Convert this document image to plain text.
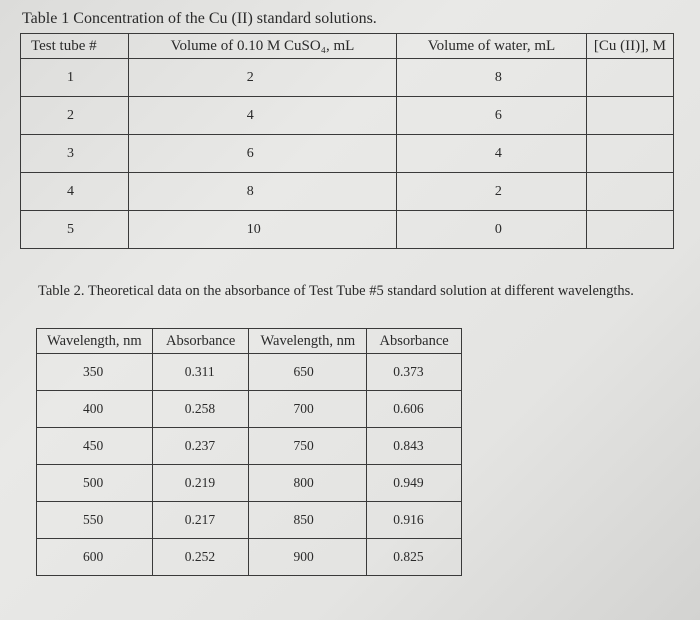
Table 1 Concentration of the Cu (II) standard solutions.
Test tube #	Volume of 0.10 M CuSO₄, mL	Volume of water, mL	[Cu (II)], M
1	2	8	
2	4	6	
3	6	4	
4	8	2	
5	10	0	
Table 2. Theoretical data on the absorbance of Test Tube #5 standard solution at different wavelengths.
Wavelength, nm	Absorbance	Wavelength, nm	Absorbance
350	0.311	650	0.373
400	0.258	700	0.606
450	0.237	750	0.843
500	0.219	800	0.949
550	0.217	850	0.916
600	0.252	900	0.825
